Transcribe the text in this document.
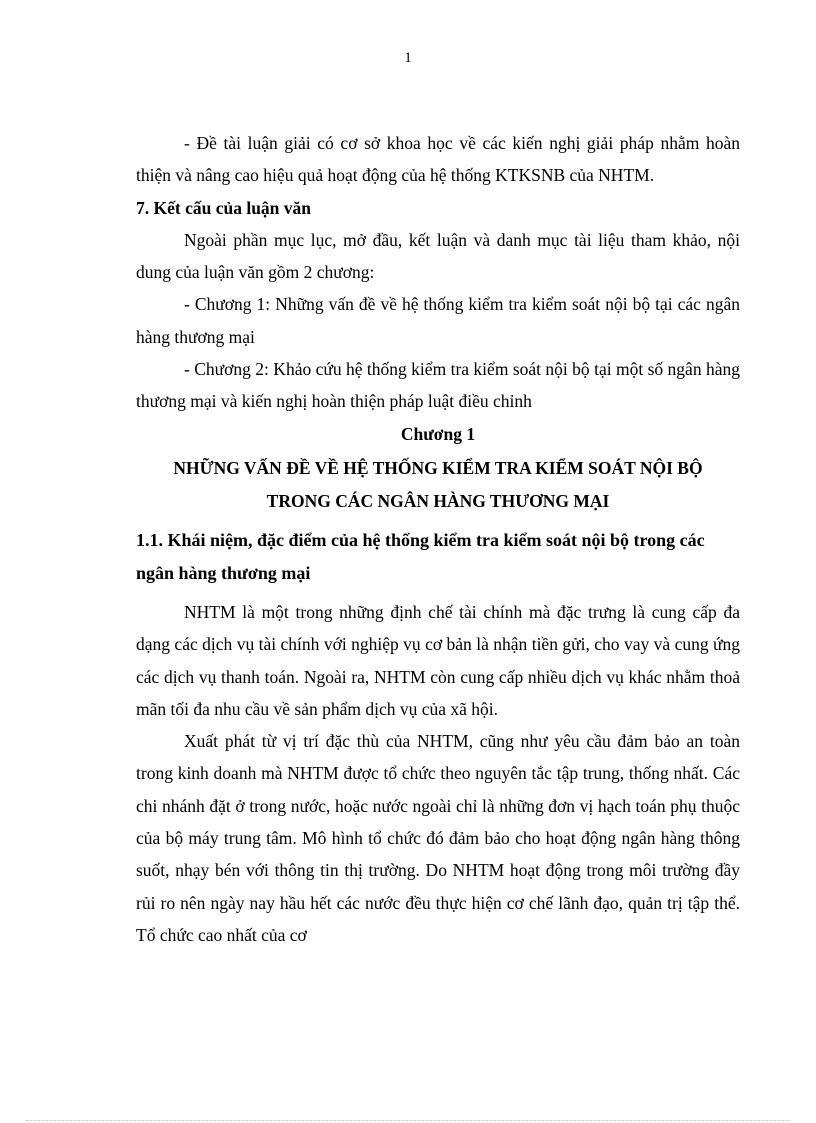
1

- Đề tài luận giải có cơ sở khoa học về các kiến nghị giải pháp nhằm hoàn thiện và nâng cao hiệu quả hoạt động của hệ thống KTKSNB của NHTM.

7. Kết cấu của luận văn

Ngoài phần mục lục, mở đầu, kết luận và danh mục tài liệu tham khảo, nội dung của luận văn gồm 2 chương:

- Chương 1: Những vấn đề về hệ thống kiểm tra kiểm soát nội bộ tại các ngân hàng thương mại

- Chương 2: Khảo cứu hệ thống kiểm tra kiểm soát nội bộ tại một số ngân hàng thương mại và kiến nghị hoàn thiện pháp luật điều chỉnh

Chương 1
NHỮNG VẤN ĐỀ VỀ HỆ THỐNG KIỂM TRA KIỂM SOÁT NỘI BỘ
TRONG CÁC NGÂN HÀNG THƯƠNG MẠI
1.1. Khái niệm, đặc điểm của hệ thống kiểm tra kiểm soát nội bộ trong các ngân hàng thương mại

NHTM là một trong những định chế tài chính mà đặc trưng là cung cấp đa dạng các dịch vụ tài chính với nghiệp vụ cơ bản là nhận tiền gửi, cho vay và cung ứng các dịch vụ thanh toán. Ngoài ra, NHTM còn cung cấp nhiều dịch vụ khác nhằm thoả mãn tối đa nhu cầu về sản phẩm dịch vụ của xã hội.

Xuất phát từ vị trí đặc thù của NHTM, cũng như yêu cầu đảm bảo an toàn trong kinh doanh mà NHTM được tổ chức theo nguyên tắc tập trung, thống nhất. Các chi nhánh đặt ở trong nước, hoặc nước ngoài chỉ là những đơn vị hạch toán phụ thuộc của bộ máy trung tâm. Mô hình tổ chức đó đảm bảo cho hoạt động ngân hàng thông suốt, nhạy bén với thông tin thị trường. Do NHTM hoạt động trong môi trường đầy rủi ro nên ngày nay hầu hết các nước đều thực hiện cơ chế lãnh đạo, quản trị tập thể. Tổ chức cao nhất của cơ
